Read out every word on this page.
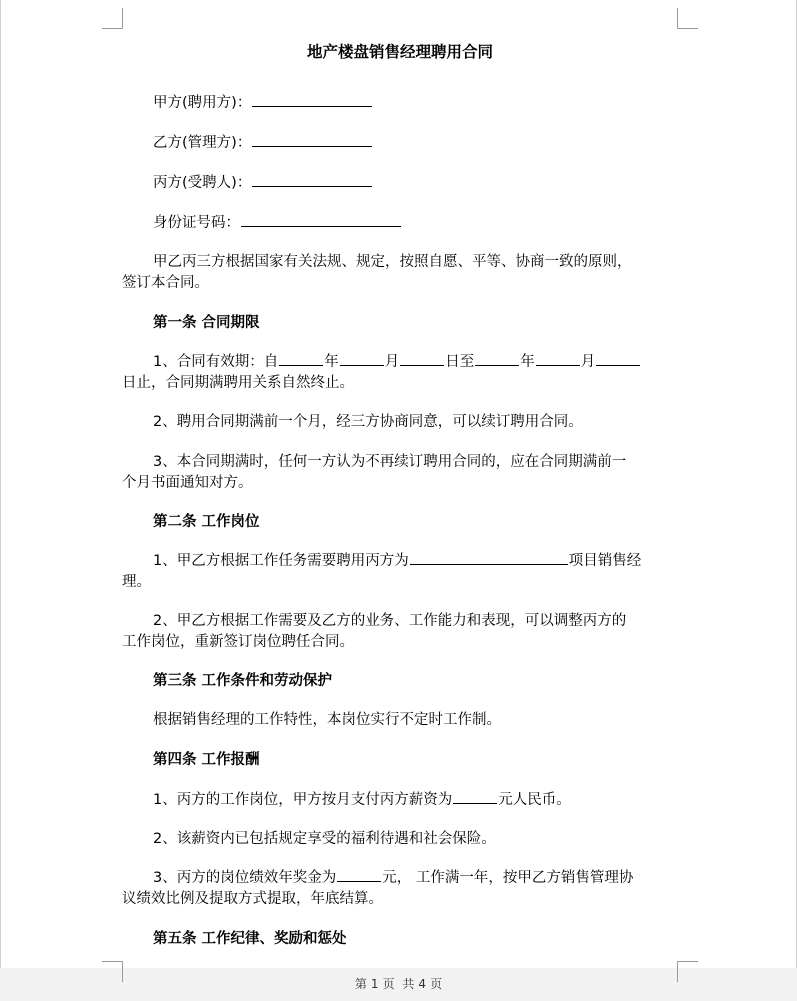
地产楼盘销售经理聘用合同
甲方(聘用方)：
乙方(管理方)：
丙方(受聘人)：
身份证号码：
甲乙丙三方根据国家有关法规、规定，按照自愿、平等、协商一致的原则，
签订本合同。
第一条 合同期限
1、合同有效期：自	年	月	日至	年	月
日止，合同期满聘用关系自然终止。
2、聘用合同期满前一个月，经三方协商同意，可以续订聘用合同。
3、本合同期满时，任何一方认为不再续订聘用合同的，应在合同期满前一
个月书面通知对方。
第二条 工作岗位
1、甲乙方根据工作任务需要聘用丙方为	项目销售经
理。
2、甲乙方根据工作需要及乙方的业务、工作能力和表现，可以调整丙方的
工作岗位，重新签订岗位聘任合同。
第三条 工作条件和劳动保护
根据销售经理的工作特性，本岗位实行不定时工作制。
第四条 工作报酬
1、丙方的工作岗位，甲方按月支付丙方薪资为	元人民币。
2、该薪资内已包括规定享受的福利待遇和社会保险。
3、丙方的岗位绩效年奖金为	元， 工作满一年，按甲乙方销售管理协
议绩效比例及提取方式提取，年底结算。
第五条 工作纪律、奖励和惩处
第 1 页 共 4 页
